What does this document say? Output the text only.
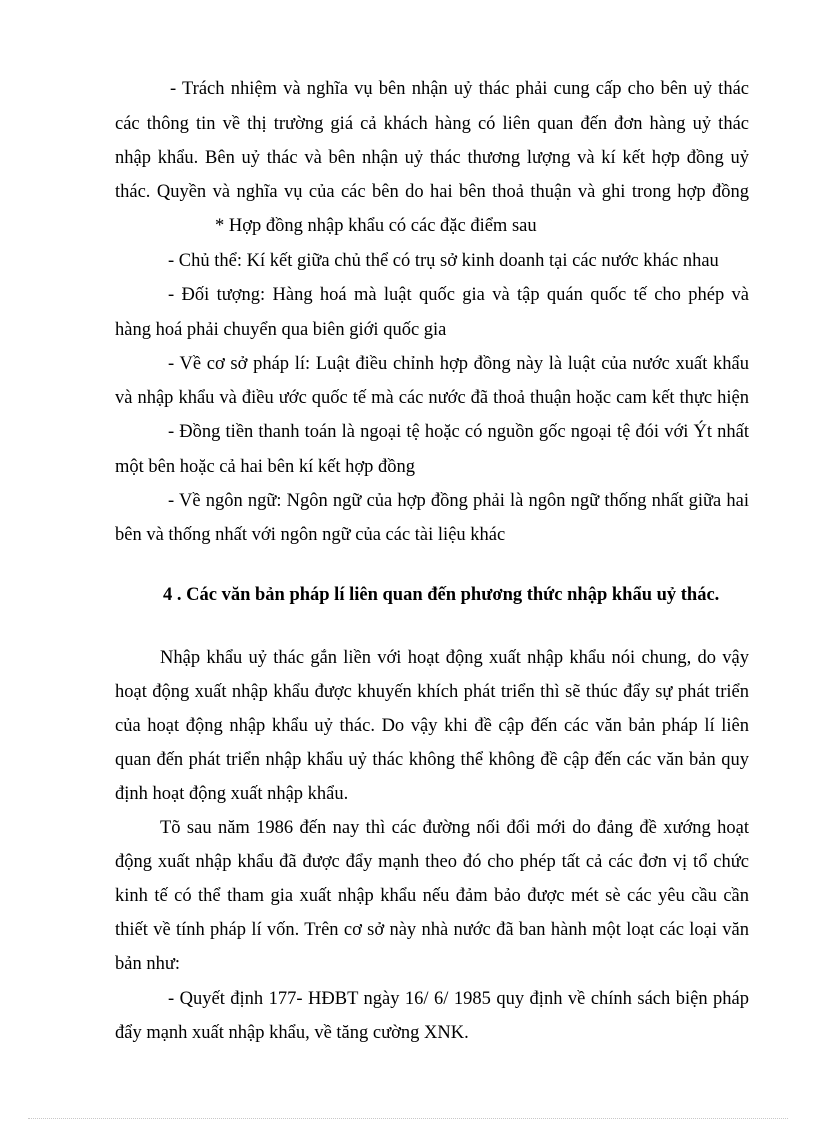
- Trách nhiệm và nghĩa vụ bên nhận uỷ thác phải cung cấp cho bên uỷ thác
các thông tin về thị trường giá cả khách hàng có liên quan đến đơn hàng uỷ thác
nhập khẩu. Bên uỷ thác và bên nhận uỷ thác thương lượng và kí kết hợp đồng uỷ
thác. Quyền và nghĩa vụ của các bên do hai bên thoả thuận và ghi trong hợp đồng
* Hợp đồng nhập khẩu có các đặc điểm sau
- Chủ thể: Kí kết giữa chủ thể có trụ sở kinh doanh tại các nước khác nhau
- Đối tượng: Hàng hoá mà luật quốc gia và tập quán quốc tế cho phép và
hàng hoá phải chuyển qua biên giới quốc gia
- Về cơ sở pháp lí: Luật điều chỉnh hợp đồng này là luật của nước xuất khẩu
và nhập khẩu và điều ước quốc tế mà các nước đã thoả thuận hoặc cam kết thực hiện
- Đồng tiền thanh toán là ngoại tệ hoặc có nguồn gốc ngoại tệ đói với Ýt nhất
một bên hoặc cả hai bên kí kết hợp đồng
- Về ngôn ngữ: Ngôn ngữ của hợp đồng phải là ngôn ngữ thống nhất giữa hai
bên và thống nhất với ngôn ngữ của các tài liệu khác
4 . Các văn bản pháp lí liên quan đến phương thức nhập khẩu uỷ thác.
Nhập khẩu uỷ thác gắn liền với hoạt động xuất nhập khẩu nói chung, do vậy
hoạt động xuất nhập khẩu được khuyến khích phát triển thì sẽ thúc đẩy sự phát triển
của hoạt động nhập khẩu uỷ thác. Do vậy khi đề cập đến các văn bản pháp lí liên
quan đến phát triển nhập khẩu uỷ thác không thể không đề cập đến các văn bản quy
định hoạt động xuất nhập khẩu.
Tõ sau năm 1986 đến nay thì các đường nối đổi mới do đảng đề xướng hoạt
động xuất nhập khẩu đã được đẩy mạnh theo đó cho phép tất cả các đơn vị tổ chức
kinh tế có thể tham gia xuất nhập khẩu nếu đảm bảo được mét sè các yêu cầu cần
thiết về tính pháp lí vốn. Trên cơ sở này nhà nước đã ban hành một loạt các loại văn
bản như:
- Quyết định 177- HĐBT ngày 16/ 6/ 1985 quy định về chính sách biện pháp
đẩy mạnh xuất nhập khẩu, về tăng cường XNK.
